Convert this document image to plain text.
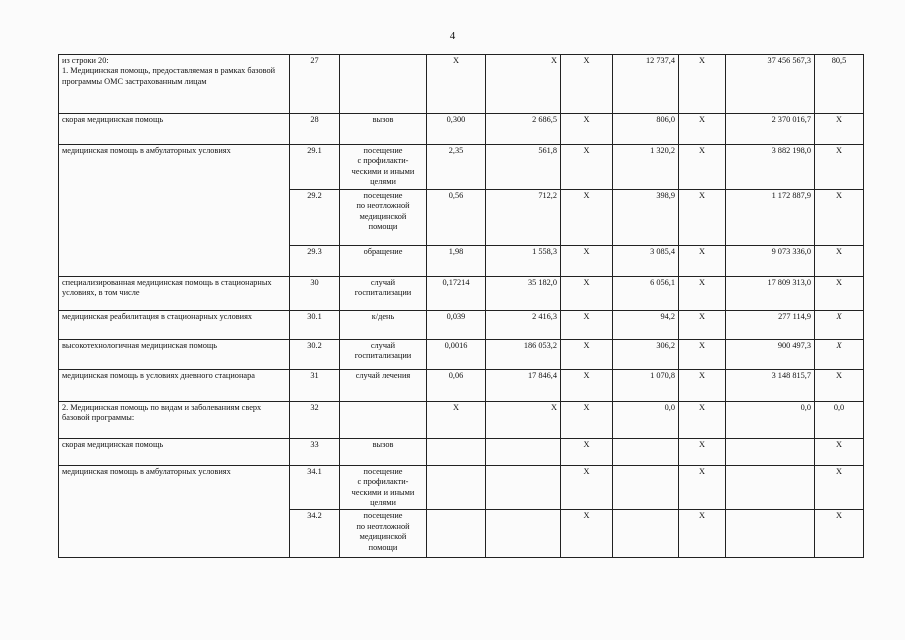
4
из строки 20:
1. Медицинская помощь, предоставляемая в рамках базовой программы ОМС застрахованным лицам	27		X	X	X	12 737,4	X	37 456 567,3	80,5
скорая медицинская помощь	28	вызов	0,300	2 686,5	X	806,0	X	2 370 016,7	X
медицинская помощь в амбулаторных условиях	29.1	посещение
с профилакти-
ческими и иными
целями	2,35	561,8	X	1 320,2	X	3 882 198,0	X
	29.2	посещение
по неотложной
медицинской
помощи	0,56	712,2	X	398,9	X	1 172 887,9	X
	29.3	обращение	1,98	1 558,3	X	3 085,4	X	9 073 336,0	X
специализированная медицинская помощь в стационарных условиях, в том числе	30	случай
госпитализации	0,17214	35 182,0	X	6 056,1	X	17 809 313,0	X
медицинская реабилитация в стационарных условиях	30.1	к/день	0,039	2 416,3	X	94,2	X	277 114,9	X
высокотехнологичная медицинская помощь	30.2	случай
госпитализации	0,0016	186 053,2	X	306,2	X	900 497,3	X
медицинская помощь в условиях дневного стационара	31	случай лечения	0,06	17 846,4	X	1 070,8	X	3 148 815,7	X
2. Медицинская помощь по видам и заболеваниям сверх базовой программы:	32		X	X	X	0,0	X	0,0	0,0
скорая медицинская помощь	33	вызов			X		X		X
медицинская помощь в амбулаторных условиях	34.1	посещение
с профилакти-
ческими и иными
целями			X		X		X
	34.2	посещение
по неотложной
медицинской
помощи			X		X		X
